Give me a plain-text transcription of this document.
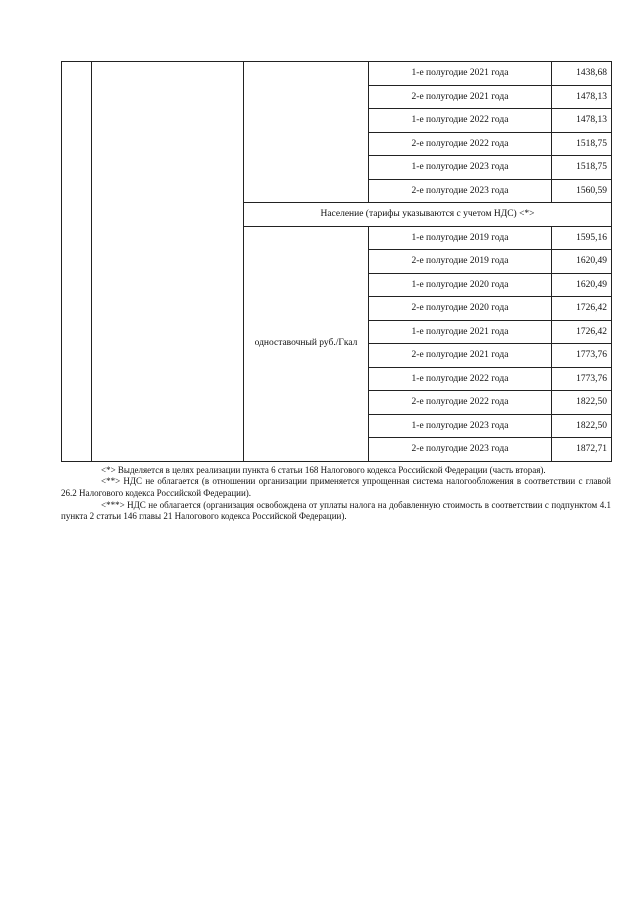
			1-е полугодие 2021 года	1438,68
			2-е полугодие 2021 года	1478,13
			1-е полугодие 2022 года	1478,13
			2-е полугодие 2022 года	1518,75
			1-е полугодие 2023 года	1518,75
			2-е полугодие 2023 года	1560,59
		Население (тарифы указываются с учетом НДС) <*>		
		одноставочный руб./Гкал	1-е полугодие 2019 года	1595,16
			2-е полугодие 2019 года	1620,49
			1-е полугодие 2020 года	1620,49
			2-е полугодие 2020 года	1726,42
			1-е полугодие 2021 года	1726,42
			2-е полугодие 2021 года	1773,76
			1-е полугодие 2022 года	1773,76
			2-е полугодие 2022 года	1822,50
			1-е полугодие 2023 года	1822,50
			2-е полугодие 2023 года	1872,71

<*> Выделяется в целях реализации пункта 6 статьи 168 Налогового кодекса Российской Федерации (часть вторая).

<**> НДС не облагается (в отношении организации применяется упрощенная система налогообложения в соответствии с главой 26.2 Налогового кодекса Российской Федерации).

<***> НДС не облагается (организация освобождена от уплаты налога на добавленную стоимость в соответствии с подпунктом 4.1 пункта 2 статьи 146 главы 21 Налогового кодекса Российской Федерации).
